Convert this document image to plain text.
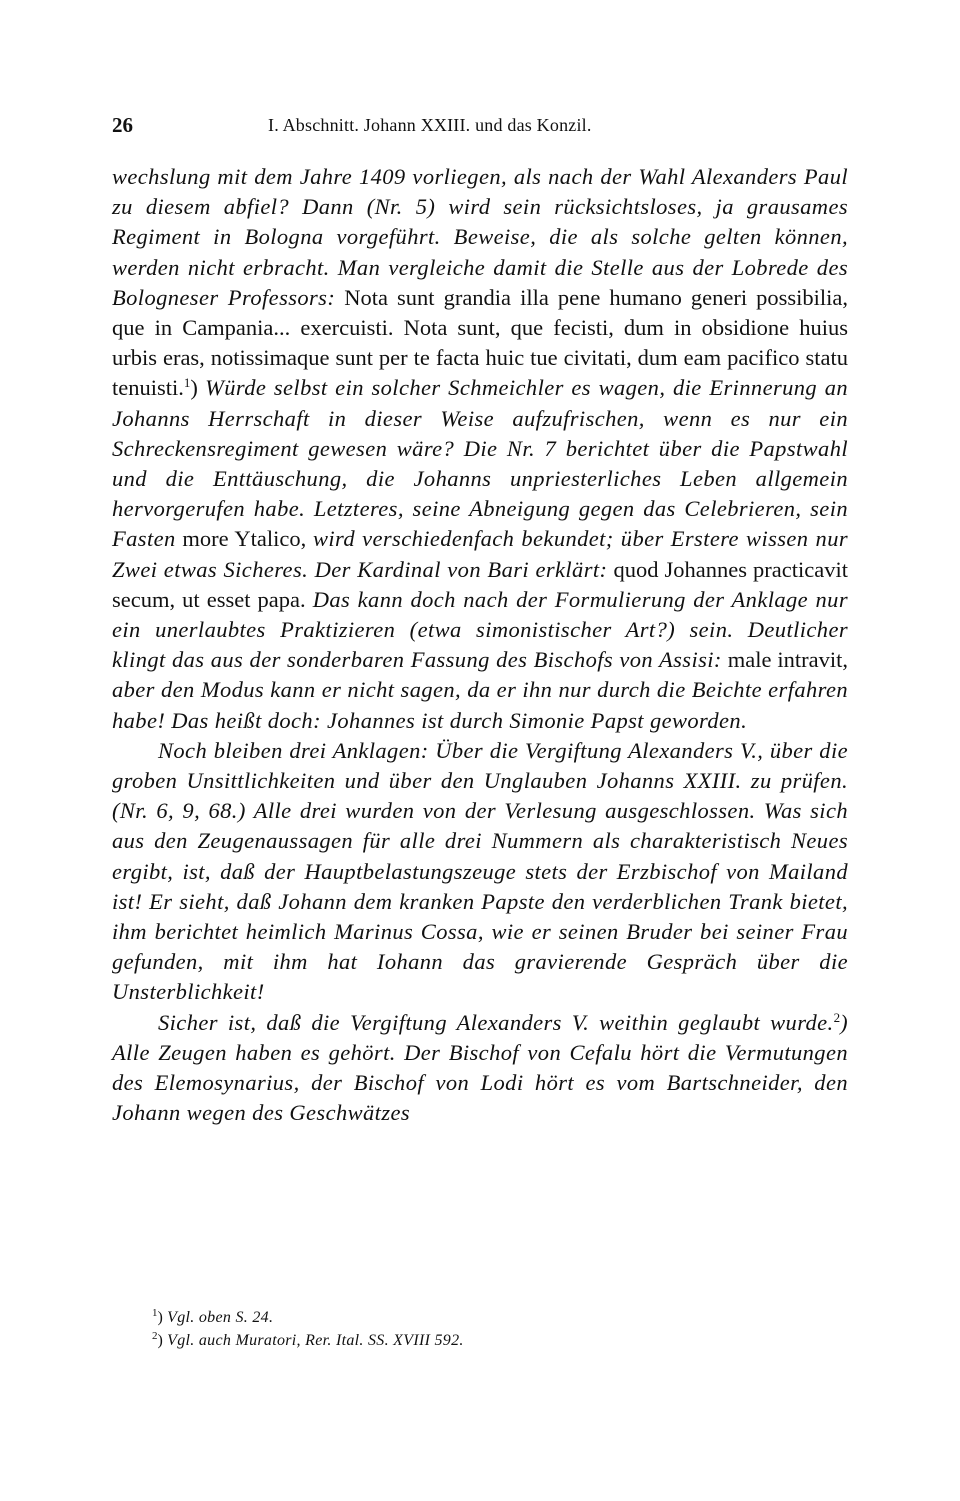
26	I. Abschnitt. Johann XXIII. und das Konzil.

wechslung mit dem Jahre 1409 vorliegen, als nach der Wahl Alexanders Paul zu diesem abfiel? Dann (Nr. 5) wird sein rücksichtsloses, ja grausames Regiment in Bologna vorgeführt. Beweise, die als solche gelten können, werden nicht erbracht. Man vergleiche damit die Stelle aus der Lobrede des Bologneser Professors: Nota sunt grandia illa pene humano generi possibilia, que in Campania... exercuisti. Nota sunt, que fecisti, dum in obsidione huius urbis eras, notissimaque sunt per te facta huic tue civitati, dum eam pacifico statu tenuisti.$^1$) Würde selbst ein solcher Schmeichler es wagen, die Erinnerung an Johanns Herrschaft in dieser Weise aufzufrischen, wenn es nur ein Schreckensregiment gewesen wäre? Die Nr. 7 berichtet über die Papstwahl und die Enttäuschung, die Johanns unpriesterliches Leben allgemein hervorgerufen habe. Letzteres, seine Abneigung gegen das Celebrieren, sein Fasten more Ytalico, wird verschiedenfach bekundet; über Erstere wissen nur Zwei etwas Sicheres. Der Kardinal von Bari erklärt: quod Johannes practicavit secum, ut esset papa. Das kann doch nach der Formulierung der Anklage nur ein unerlaubtes Praktizieren (etwa simonistischer Art?) sein. Deutlicher klingt das aus der sonderbaren Fassung des Bischofs von Assisi: male intravit, aber den Modus kann er nicht sagen, da er ihn nur durch die Beichte erfahren habe! Das heißt doch: Johannes ist durch Simonie Papst geworden.

Noch bleiben drei Anklagen: Über die Vergiftung Alexanders V., über die groben Unsittlichkeiten und über den Unglauben Johanns XXIII. zu prüfen. (Nr. 6, 9, 68.) Alle drei wurden von der Verlesung ausgeschlossen. Was sich aus den Zeugenaussagen für alle drei Nummern als charakteristisch Neues ergibt, ist, daß der Hauptbelastungszeuge stets der Erzbischof von Mailand ist! Er sieht, daß Johann dem kranken Papste den verderblichen Trank bietet, ihm berichtet heimlich Marinus Cossa, wie er seinen Bruder bei seiner Frau gefunden, mit ihm hat Iohann das gravierende Gespräch über die Unsterblichkeit!

Sicher ist, daß die Vergiftung Alexanders V. weithin geglaubt wurde.$^2$) Alle Zeugen haben es gehört. Der Bischof von Cefalu hört die Vermutungen des Elemosynarius, der Bischof von Lodi hört es vom Bartschneider, den Johann wegen des Geschwätzes

$^1$) Vgl. oben S. 24.
$^2$) Vgl. auch Muratori, Rer. Ital. SS. XVIII 592.
